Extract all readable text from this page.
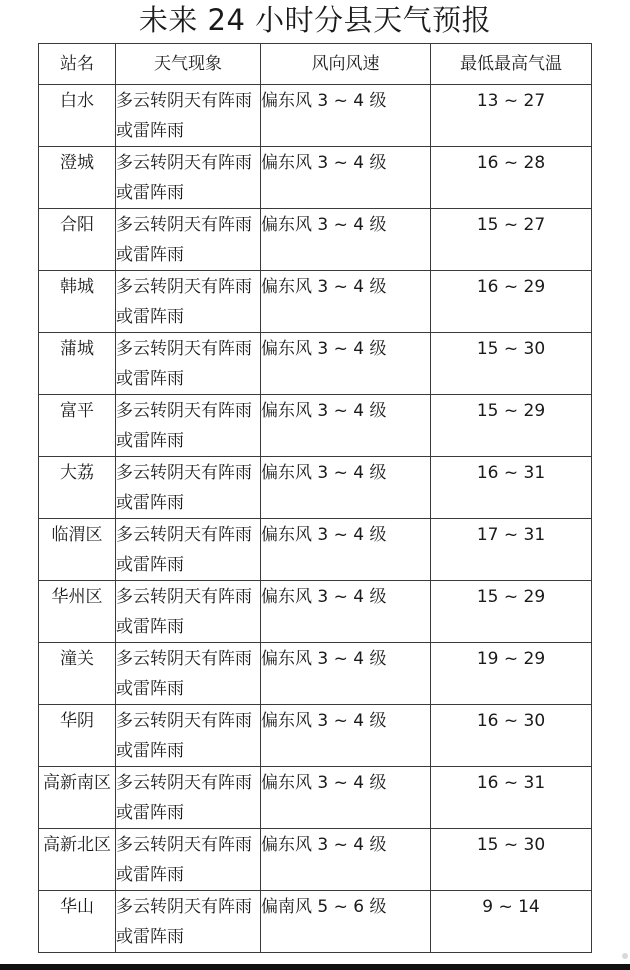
未来 24 小时分县天气预报
站名	天气现象	风向风速	最低最高气温
白水	多云转阴天有阵雨或雷阵雨	偏东风 3 ~ 4 级	13 ~ 27
澄城	多云转阴天有阵雨或雷阵雨	偏东风 3 ~ 4 级	16 ~ 28
合阳	多云转阴天有阵雨或雷阵雨	偏东风 3 ~ 4 级	15 ~ 27
韩城	多云转阴天有阵雨或雷阵雨	偏东风 3 ~ 4 级	16 ~ 29
蒲城	多云转阴天有阵雨或雷阵雨	偏东风 3 ~ 4 级	15 ~ 30
富平	多云转阴天有阵雨或雷阵雨	偏东风 3 ~ 4 级	15 ~ 29
大荔	多云转阴天有阵雨或雷阵雨	偏东风 3 ~ 4 级	16 ~ 31
临渭区	多云转阴天有阵雨或雷阵雨	偏东风 3 ~ 4 级	17 ~ 31
华州区	多云转阴天有阵雨或雷阵雨	偏东风 3 ~ 4 级	15 ~ 29
潼关	多云转阴天有阵雨或雷阵雨	偏东风 3 ~ 4 级	19 ~ 29
华阴	多云转阴天有阵雨或雷阵雨	偏东风 3 ~ 4 级	16 ~ 30
高新南区	多云转阴天有阵雨或雷阵雨	偏东风 3 ~ 4 级	16 ~ 31
高新北区	多云转阴天有阵雨或雷阵雨	偏东风 3 ~ 4 级	15 ~ 30
华山	多云转阴天有阵雨或雷阵雨	偏南风 5 ~ 6 级	9 ~ 14
